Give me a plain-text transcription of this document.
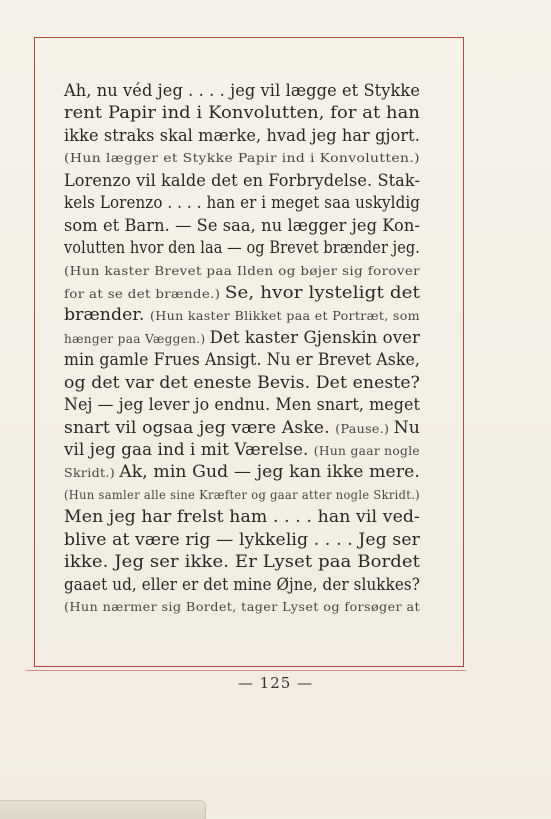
Ah, nu véd jeg . . . . jeg vil lægge et Stykke
rent Papir ind i Konvolutten, for at han
ikke straks skal mærke, hvad jeg har gjort.
(Hun lægger et Stykke Papir ind i Konvolutten.)
Lorenzo vil kalde det en Forbrydelse. Stak-
kels Lorenzo . . . . han er i meget saa uskyldig
som et Barn. — Se saa, nu lægger jeg Kon-
volutten hvor den laa — og Brevet brænder jeg.
(Hun kaster Brevet paa Ilden og bøjer sig forover
for at se det brænde.) Se, hvor lysteligt det
brænder. (Hun kaster Blikket paa et Portræt, som
hænger paa Væggen.) Det kaster Gjenskin over
min gamle Frues Ansigt. Nu er Brevet Aske,
og det var det eneste Bevis. Det eneste?
Nej — jeg lever jo endnu. Men snart, meget
snart vil ogsaa jeg være Aske. (Pause.) Nu
vil jeg gaa ind i mit Værelse. (Hun gaar nogle
Skridt.) Ak, min Gud — jeg kan ikke mere.
(Hun samler alle sine Kræfter og gaar atter nogle Skridt.)
Men jeg har frelst ham . . . . han vil ved-
blive at være rig — lykkelig . . . . Jeg ser
ikke. Jeg ser ikke. Er Lyset paa Bordet
gaaet ud, eller er det mine Øjne, der slukkes?
(Hun nærmer sig Bordet, tager Lyset og forsøger at
— 125 —
